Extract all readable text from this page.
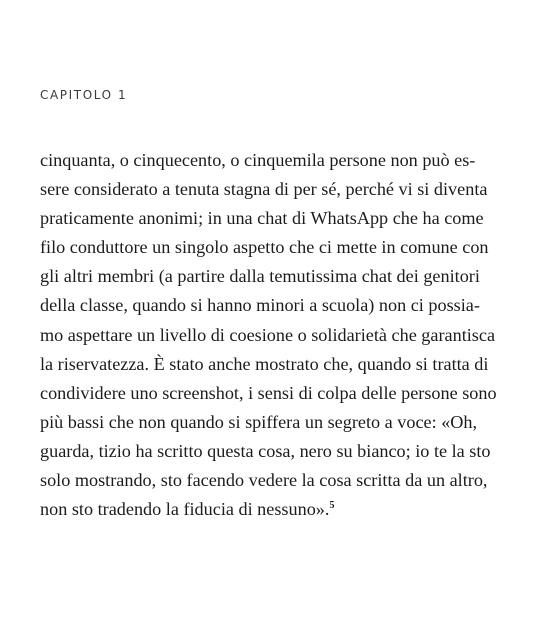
CAPITOLO 1
cinquanta, o cinquecento, o cinquemila persone non può es-
sere considerato a tenuta stagna di per sé, perché vi si diventa
praticamente anonimi; in una chat di WhatsApp che ha come
filo conduttore un singolo aspetto che ci mette in comune con
gli altri membri (a partire dalla temutissima chat dei genitori
della classe, quando si hanno minori a scuola) non ci possia-
mo aspettare un livello di coesione o solidarietà che garantisca
la riservatezza. È stato anche mostrato che, quando si tratta di
condividere uno screenshot, i sensi di colpa delle persone sono
più bassi che non quando si spiffera un segreto a voce: «Oh,
guarda, tizio ha scritto questa cosa, nero su bianco; io te la sto
solo mostrando, sto facendo vedere la cosa scritta da un altro,
non sto tradendo la fiducia di nessuno».$^5$
